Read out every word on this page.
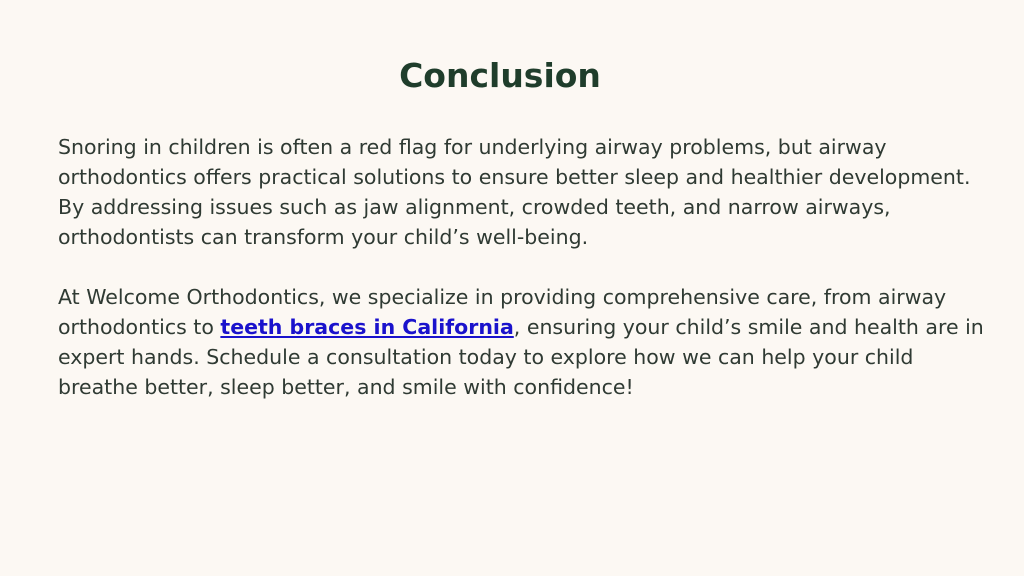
Conclusion

Snoring in children is often a red flag for underlying airway problems, but airway orthodontics offers practical solutions to ensure better sleep and healthier development. By addressing issues such as jaw alignment, crowded teeth, and narrow airways, orthodontists can transform your child’s well-being.

At Welcome Orthodontics, we specialize in providing comprehensive care, from airway orthodontics to teeth braces in California, ensuring your child’s smile and health are in expert hands. Schedule a consultation today to explore how we can help your child breathe better, sleep better, and smile with confidence!
